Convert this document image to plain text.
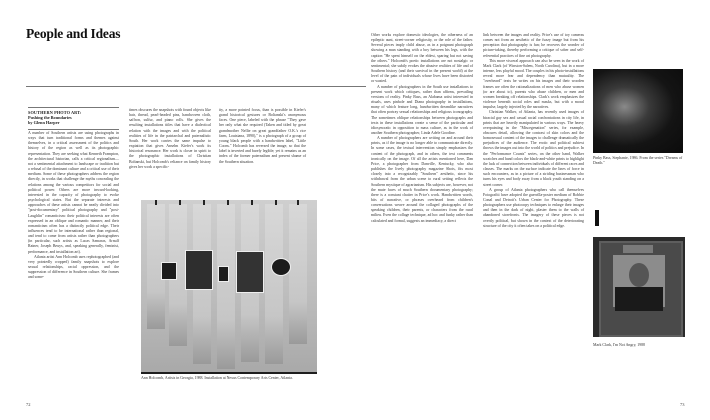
People and Ideas
SOUTHERN PHOTO ART:
Pushing the Boundaries
by Glenn Harper

A number of Southern artists are using photographs in ways that turn traditional forms and themes against themselves, in a critical assessment of the politics and history of the region as well as its photographic representation. They are seeking what Kenneth Frampton, the architectural historian, calls a critical regionalism—not a sentimental attachment to landscape or tradition but a refusal of the dominant culture and a critical use of their medium. Some of these photographers address the region directly, in works that challenge the myths concealing the relations among the various competitors for social and political power. Others are more inward-looking, interested in the capacity of photography to evoke psychological states. But the separate interests and approaches of these artists cannot be neatly divided into "post-documentary" political photography and "post-Laughlin" romanticism: their political interests are often expressed in an oblique and romantic manner, and their romanticism often has a distinctly political edge. Their influences tend to be international rather than regional, and tend to come from artists rather than photographers (in particular, such artists as Lucas Samaras, Arnulf Rainer, Joseph Beuys, and, speaking generally, feminist, performance, and installation art).

Atlanta artist Ann Holcomb uses rephotographed (and very pointedly cropped) family snapshots to explore sexual relationships, racial oppression, and the suppression of difference in Southern culture. She frames and some-

times obscures the snapshots with found objects like hair, thread, pearl-headed pins, handwoven cloth, saffron, sulfur, and piano rolls. She gives the resulting installations titles that have a dialectical relation with the images and with the political realities of life in the patriarchal and paternalistic South. Her work carries the same impulse to expiation that gives Anselm Kiefer's work its historical resonance. Her work is closer in spirit to the photographic installations of Christian Boltanski, but Holcomb's reliance on family history gives her work a specific-

ity, a more pointed focus, than is possible in Kiefer's grand historical gestures or Boltanski's anonymous faces. One piece, labeled with the phrase "They gave her only what she required (Taken and titled by great grandmother Nellie on great grandfather O.K.'s rice farm, Louisiana, 1890)," is a photograph of a group of young black people with a handwritten label, "Little Coons." Holcomb has reversed the image, so that the label is inverted and barely legible; yet it remains as an index of the former paternalism and present shame of the Southern situation.

Ann Holcomb, Artists in Georgia, 1988. Installation at Nexus Contemporary Arts Center, Atlanta.

Other works explore domestic ideologies, the otherness of an epileptic aunt, street-corner religiosity, or the role of the father. Several pieces imply child abuse, as in a poignant photograph showing a man standing with a boy between his legs, with the caption "He spent himself on the eldest, sparing but not saving the others." Holcomb's poetic installations are not nostalgic or sentimental; she subtly evokes the abusive realities of life and of Southern history (and their survival in the present world) at the level of the pain of individuals whose lives have been distorted or wasted.

A number of photographers in the South use installations to present work which critiques, rather than affirms, prevailing versions of reality. Pinky Bass, an Alabama artist interested in rituals, uses pinhole and Diana photography in installations, many of which feature long, handwritten dreamlike narratives that often portray sexual relationships and religious iconography. The sometimes oblique relationships between photographs and texts in these installations create a sense of the particular and idiosyncratic in opposition to mass culture, as in the work of another Southern photographer, Linda Adele Goodine.

A number of photographers are writing on and around their prints, as if the image is no longer able to communicate directly. In some cases, the textual intervention simply emphasizes the content of the photograph, and in others, the text comments ironically on the image. Of all the artists mentioned here, Dan Price, a photographer from Danville, Kentucky, who also publishes the lively photography magazine Shots, fits most closely into a recognizably "Southern" aesthetic, since his withdrawal from the urban scene to rural setting reflects the Southern mystique of agrarianism. His subjects are, however, not the mute faces of much Southern documentary photography; there is a constant chatter in Price's work. Handwritten words, bits of narrative, or phrases overheard from children's conversations weave around the collaged photographs of the speaking children, their parents, or characters from the rural milieu. Even the collage technique, ad hoc and funky rather than calculated and formal, suggests an immediacy, a direct

link between the images and reality. Price's use of toy cameras comes not from an aesthetic of the fuzzy image but from his perception that photography is fun; he recovers the wonder of picture-taking, thereby performing a critique of sober and self-referential practices of fine art photography.

This more visceral approach can also be seen in the work of Mark Clark (of Winston-Salem, North Carolina), but in a more intense, less playful mood. The couples in his photo-installations reveal more fear and dependency than mutuality. The "overheard" texts he writes on his images and their wooden frames are often the rationalizations of men who abuse women (or are about to), parents who abuse children, or men and women breaking off relationships. Clark's work emphasizes the violence beneath social roles and masks, but with a moral impulse, largely injected by the narratives.

Christian Walker, of Atlanta, has recently used images of biracial gay sex and casual racial confrontations in city life, in prints that are heavily manipulated in various ways. The heavy overpainting in the "Miscegenation" series, for example, obscures detail, allowing the contrast of skin colors and the homosexual content of the images to challenge dramatically the prejudices of the audience. The erotic and political subtext throws the images out into the world of politics and prejudice. In the "Performance Counts" series, on the other hand, Walker scratches and hand colors the black-and-white prints to highlight the lack of connection between individuals of different races and classes. The marks on the surface indicate the lines of force in such encounters, as in a picture of a striding businessman who turns his eyes and body away from a black youth standing on a street corner.

A group of Atlanta photographers who call themselves Fotografiti have adopted the guerrilla-poster medium of Robbie Conal and Detroit's Urban Center for Photography. These photographers use photocopy techniques to enlarge their images and then in the dark of night, plaster them to the walls of abandoned storefronts. The imagery of these pieces is not overtly political, but shown in the context of the deteriorating structure of the city it often takes on a political edge.

Pinky Bass, Stephanie, 1986. From the series "Dreams of Death."
Mark Clark, I'm Not Angry, 1988
72	73
